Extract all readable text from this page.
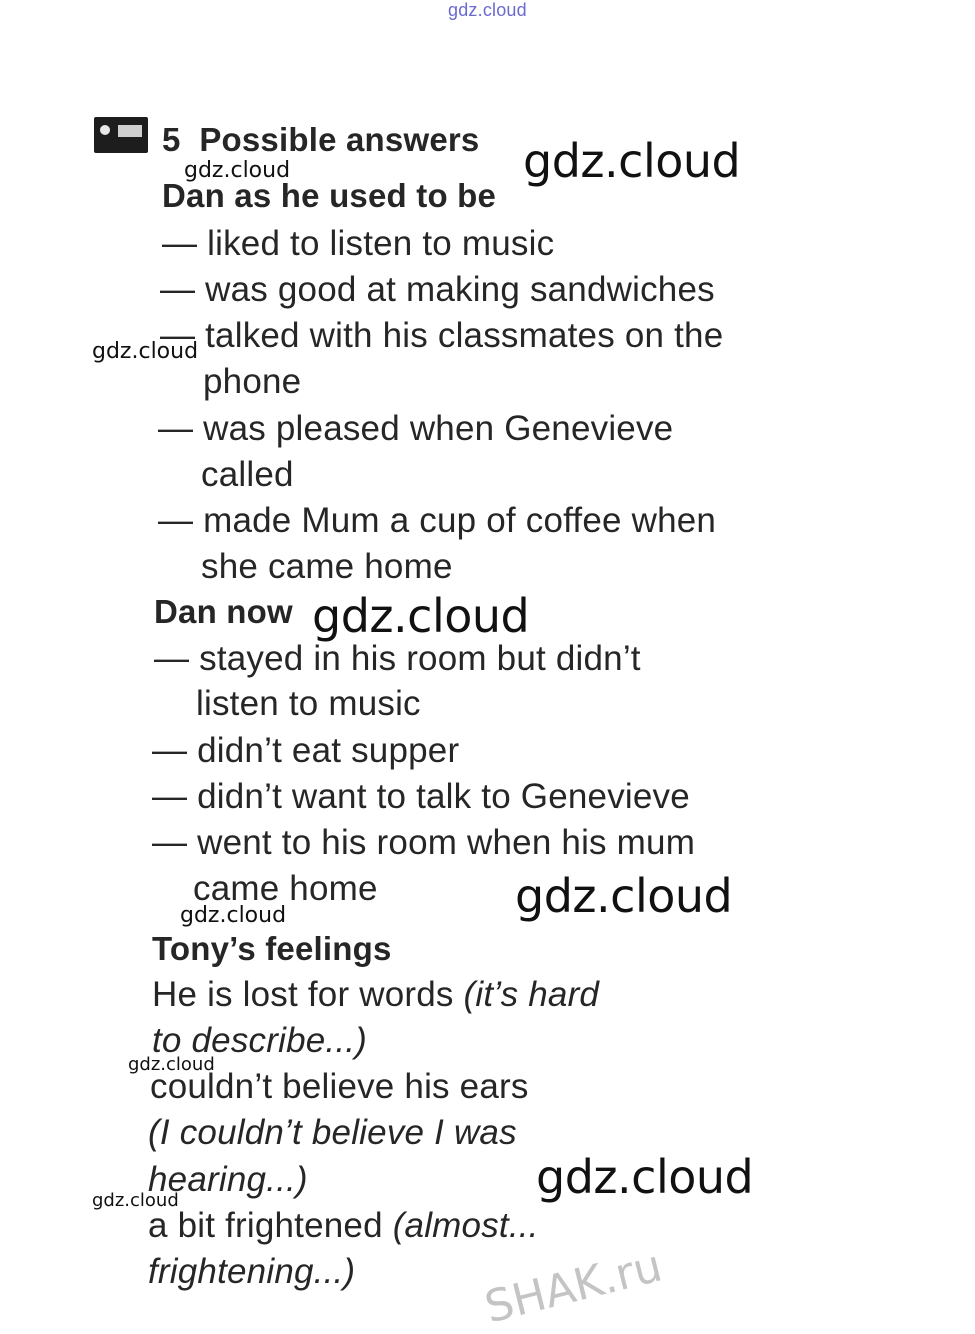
gdz.cloud
5 Possible answers
Dan as he used to be
— liked to listen to music
— was good at making sandwiches
— talked with his classmates on the
phone
— was pleased when Genevieve
called
— made Mum a cup of coffee when
she came home
Dan now
— stayed in his room but didn’t
listen to music
— didn’t eat supper
— didn’t want to talk to Genevieve
— went to his room when his mum
came home
Tony’s feelings
He is lost for words (it’s hard
to describe...)
couldn’t believe his ears
(I couldn’t believe I was
hearing...)
a bit frightened (almost...
frightening...)
gdz.cloud
gdz.cloud
gdz.cloud
gdz.cloud
gdz.cloud
gdz.cloud
gdz.cloud
gdz.cloud
gdz.cloud
SHAK.ru
